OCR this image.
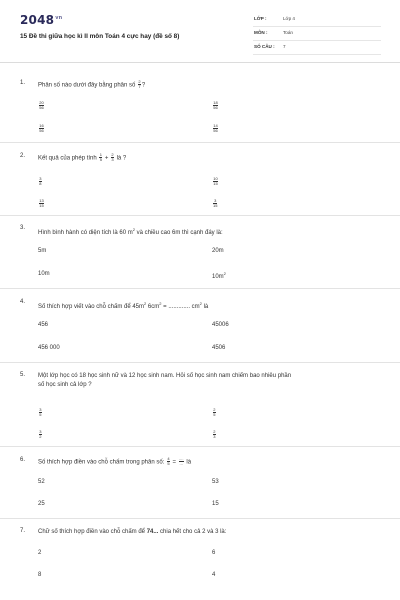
$2048^{vn}$
15 Đề thi giữa học kì II môn Toán 4 cực hay (đề số 8)
LỚP :	Lớp 4
MÔN :	Toán
SỐ CÂU : 7
1. Phân số nào dưới đây bằng phân số $\frac{2}{7}$ ?
$\frac{20}{56}$	$\frac{18}{56}$
$\frac{16}{56}$	$\frac{14}{56}$
2. Kết quả của phép tính $\frac{1}{5} + \frac{2}{3}$ là ?
$\frac{3}{8}$	$\frac{10}{15}$
$\frac{13}{15}$	$\frac{3}{15}$
3.
Hình bình hành có diện tích là 60 $m^2$ và chiều cao 6m thì cạnh đáy là:
5m	20m
10m	$10m^2$
4.
Số thích hợp viết vào chỗ chấm để $45m^2$ $6cm^2$ = ............. $cm^2$ là
456	45006
456 000	4506
5. Một lớp học có 18 học sinh nữ và 12 học sinh nam. Hỏi số học sinh nam chiếm bao nhiêu phần
số học sinh cả lớp ?
$\frac{3}{5}$	$\frac{2}{5}$
$\frac{3}{2}$	$\frac{2}{3}$
6. Số thích hợp điền vào chỗ chấm trong phân số: $\frac{4}{5} = \frac{....}{...}$ là
52	53
25	15
7. Chữ số thích hợp điền vào chỗ chấm để 74... chia hết cho cả 2 và 3 là:
2	6
8	4
